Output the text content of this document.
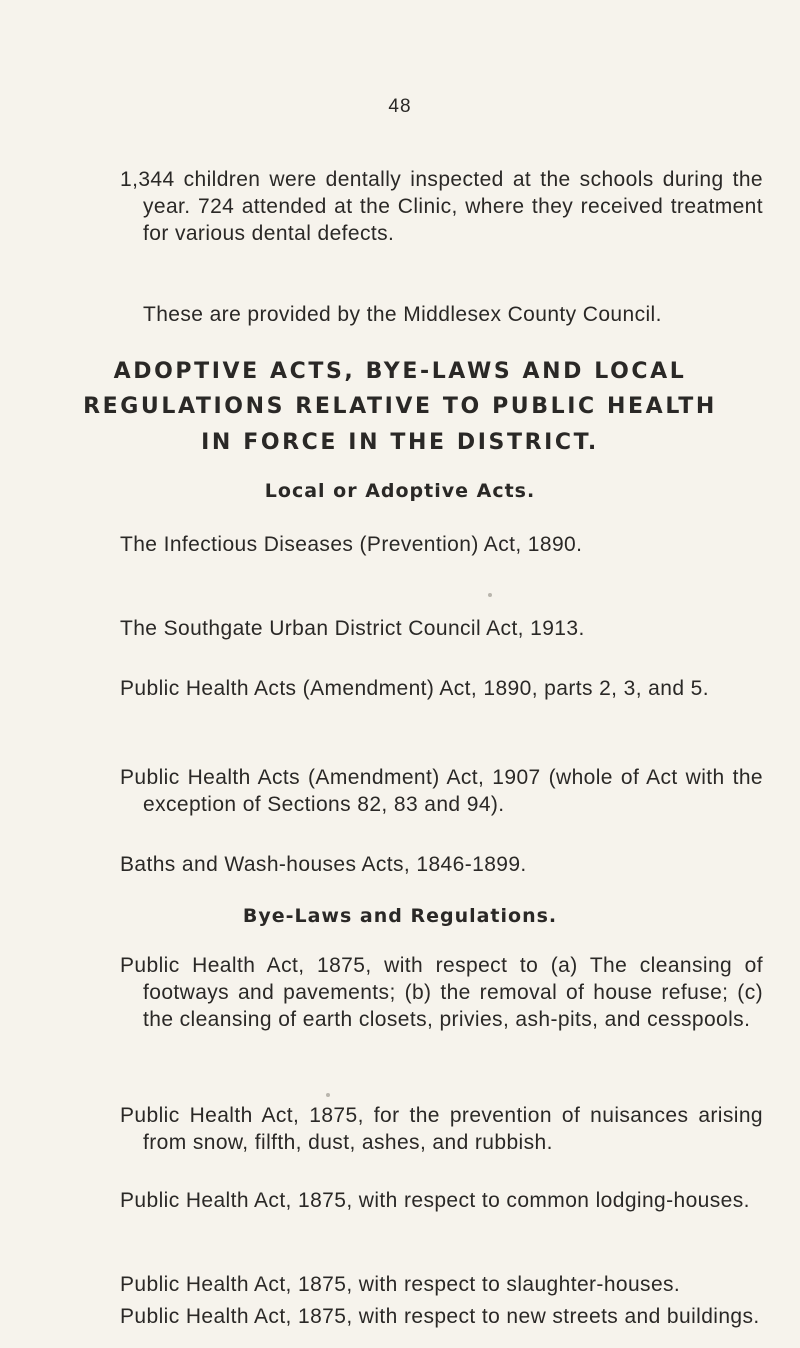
48

1,344 children were dentally inspected at the schools during the year. 724 attended at the Clinic, where they received treatment for various dental defects.

These are provided by the Middlesex County Council.

ADOPTIVE ACTS, BYE-LAWS AND LOCAL
REGULATIONS RELATIVE TO PUBLIC HEALTH
IN FORCE IN THE DISTRICT.
Local or Adoptive Acts.

The Infectious Diseases (Prevention) Act, 1890.

The Southgate Urban District Council Act, 1913.

Public Health Acts (Amendment) Act, 1890, parts 2, 3, and 5.

Public Health Acts (Amendment) Act, 1907 (whole of Act with the exception of Sections 82, 83 and 94).

Baths and Wash-houses Acts, 1846-1899.

Bye-Laws and Regulations.

Public Health Act, 1875, with respect to (a) The cleansing of footways and pavements; (b) the removal of house refuse; (c) the cleansing of earth closets, privies, ash-pits, and cesspools.

Public Health Act, 1875, for the prevention of nuisances arising from snow, filfth, dust, ashes, and rubbish.

Public Health Act, 1875, with respect to common lodging-houses.

Public Health Act, 1875, with respect to slaughter-houses.

Public Health Act, 1875, with respect to new streets and buildings.
